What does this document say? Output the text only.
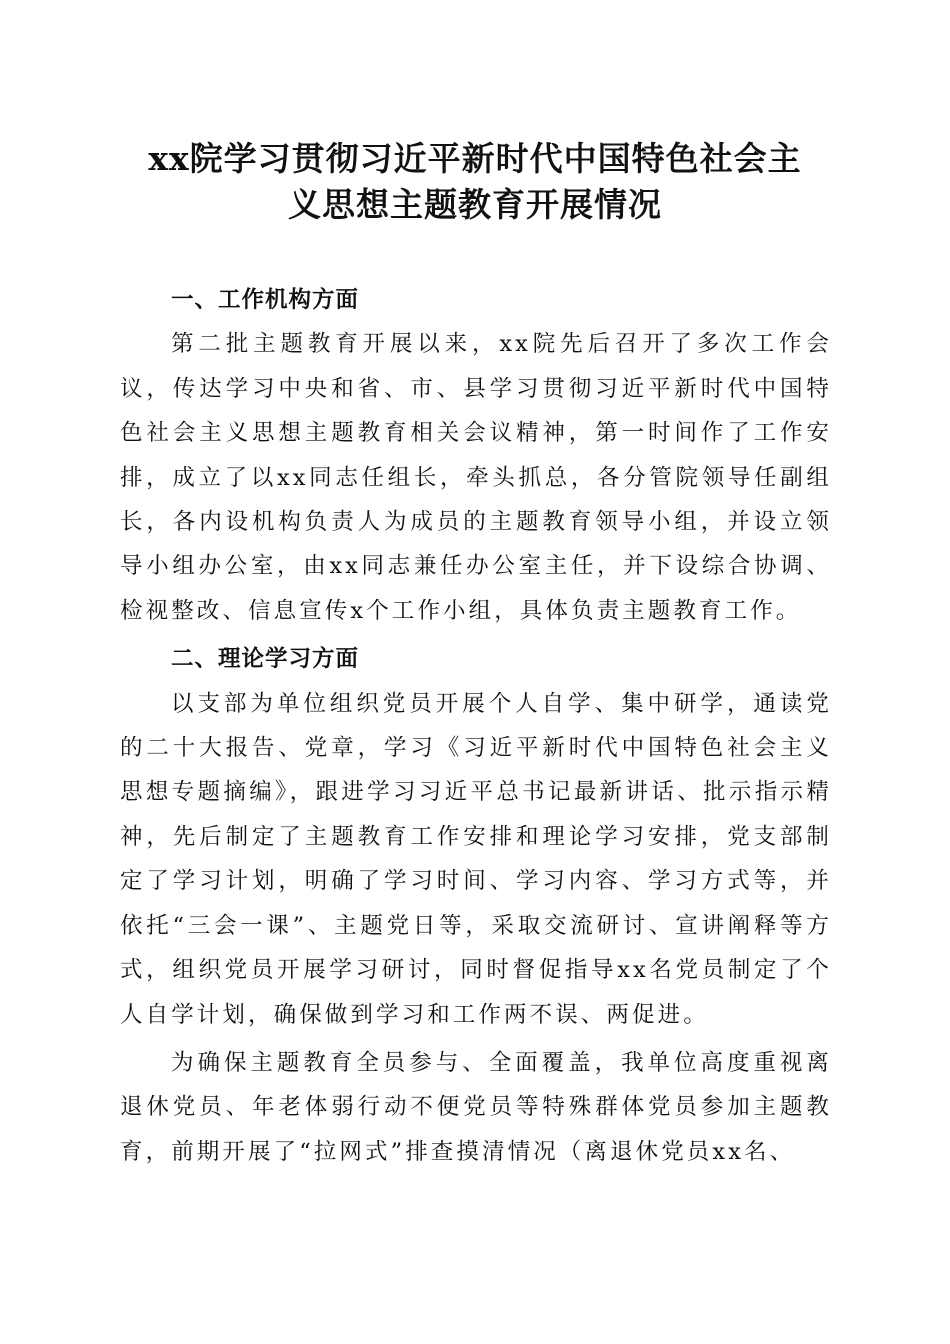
xx院学习贯彻习近平新时代中国特色社会主
义思想主题教育开展情况

一、工作机构方面

第二批主题教育开展以来，xx院先后召开了多次工作会议，传达学习中央和省、市、县学习贯彻习近平新时代中国特色社会主义思想主题教育相关会议精神，第一时间作了工作安排，成立了以xx同志任组长，牵头抓总，各分管院领导任副组长，各内设机构负责人为成员的主题教育领导小组，并设立领导小组办公室，由xx同志兼任办公室主任，并下设综合协调、检视整改、信息宣传x个工作小组，具体负责主题教育工作。

二、理论学习方面

以支部为单位组织党员开展个人自学、集中研学，通读党的二十大报告、党章，学习《习近平新时代中国特色社会主义思想专题摘编》，跟进学习习近平总书记最新讲话、批示指示精神，先后制定了主题教育工作安排和理论学习安排，党支部制定了学习计划，明确了学习时间、学习内容、学习方式等，并依托“三会一课”、主题党日等，采取交流研讨、宣讲阐释等方式，组织党员开展学习研讨，同时督促指导xx名党员制定了个人自学计划，确保做到学习和工作两不误、两促进。

为确保主题教育全员参与、全面覆盖，我单位高度重视离退休党员、年老体弱行动不便党员等特殊群体党员参加主题教育，前期开展了“拉网式”排查摸清情况（离退休党员xx名、
